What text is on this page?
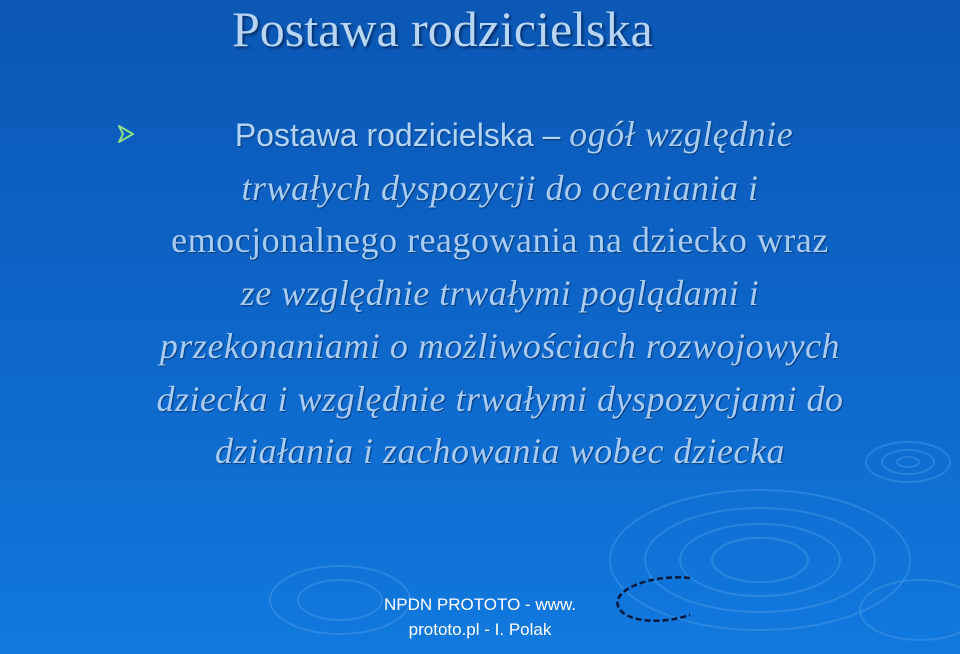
Postawa rodzicielska

Postawa rodzicielska – ogół względnie
trwałych dyspozycji do oceniania i
emocjonalnego reagowania na dziecko wraz
ze względnie trwałymi poglądami i
przekonaniami o możliwościach rozwojowych
dziecka i względnie trwałymi dyspozycjami do
działania i zachowania wobec dziecka

NPDN PROTOTO - www.
prototo.pl - I. Polak
